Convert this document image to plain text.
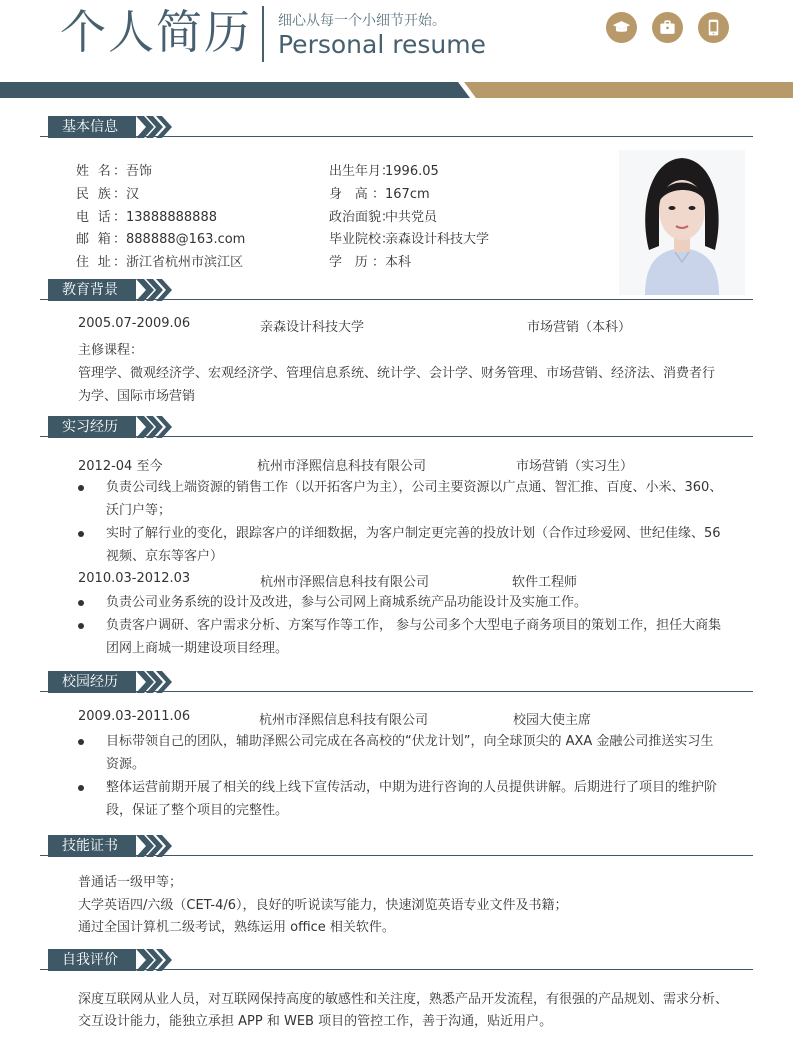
个人简历 细心从每一个小细节开始。
Personal resume
基本信息
姓 名：吾饰
民 族：汉
电 话：13888888888
邮 箱：888888@163.com
住 址：浙江省杭州市滨江区
出生年月：1996.05
身 高：167cm
政治面貌：中共党员
毕业院校：亲森设计科技大学
学 历：本科
教育背景
2005.07-2009.06	亲森设计科技大学	市场营销（本科）
主修课程：
管理学、微观经济学、宏观经济学、管理信息系统、统计学、会计学、财务管理、市场营销、经济法、消费者行
为学、国际市场营销
实习经历
2012-04 至今	杭州市泽熙信息科技有限公司	市场营销（实习生）
负责公司线上端资源的销售工作（以开拓客户为主），公司主要资源以广点通、智汇推、百度、小米、360、
沃门户等；
实时了解行业的变化，跟踪客户的详细数据，为客户制定更完善的投放计划（合作过珍爱网、世纪佳缘、56
视频、京东等客户）
2010.03-2012.03	杭州市泽熙信息科技有限公司	软件工程师
负责公司业务系统的设计及改进，参与公司网上商城系统产品功能设计及实施工作。
负责客户调研、客户需求分析、方案写作等工作， 参与公司多个大型电子商务项目的策划工作，担任大商集
团网上商城一期建设项目经理。
校园经历
2009.03-2011.06	杭州市泽熙信息科技有限公司	校园大使主席
目标带领自己的团队，辅助泽熙公司完成在各高校的“伏龙计划”，向全球顶尖的 AXA 金融公司推送实习生
资源。
整体运营前期开展了相关的线上线下宣传活动，中期为进行咨询的人员提供讲解。后期进行了项目的维护阶
段，保证了整个项目的完整性。
技能证书
普通话一级甲等；
大学英语四/六级（CET-4/6），良好的听说读写能力，快速浏览英语专业文件及书籍；
通过全国计算机二级考试，熟练运用 office 相关软件。
自我评价
深度互联网从业人员，对互联网保持高度的敏感性和关注度，熟悉产品开发流程，有很强的产品规划、需求分析、
交互设计能力，能独立承担 APP 和 WEB 项目的管控工作，善于沟通，贴近用户。
